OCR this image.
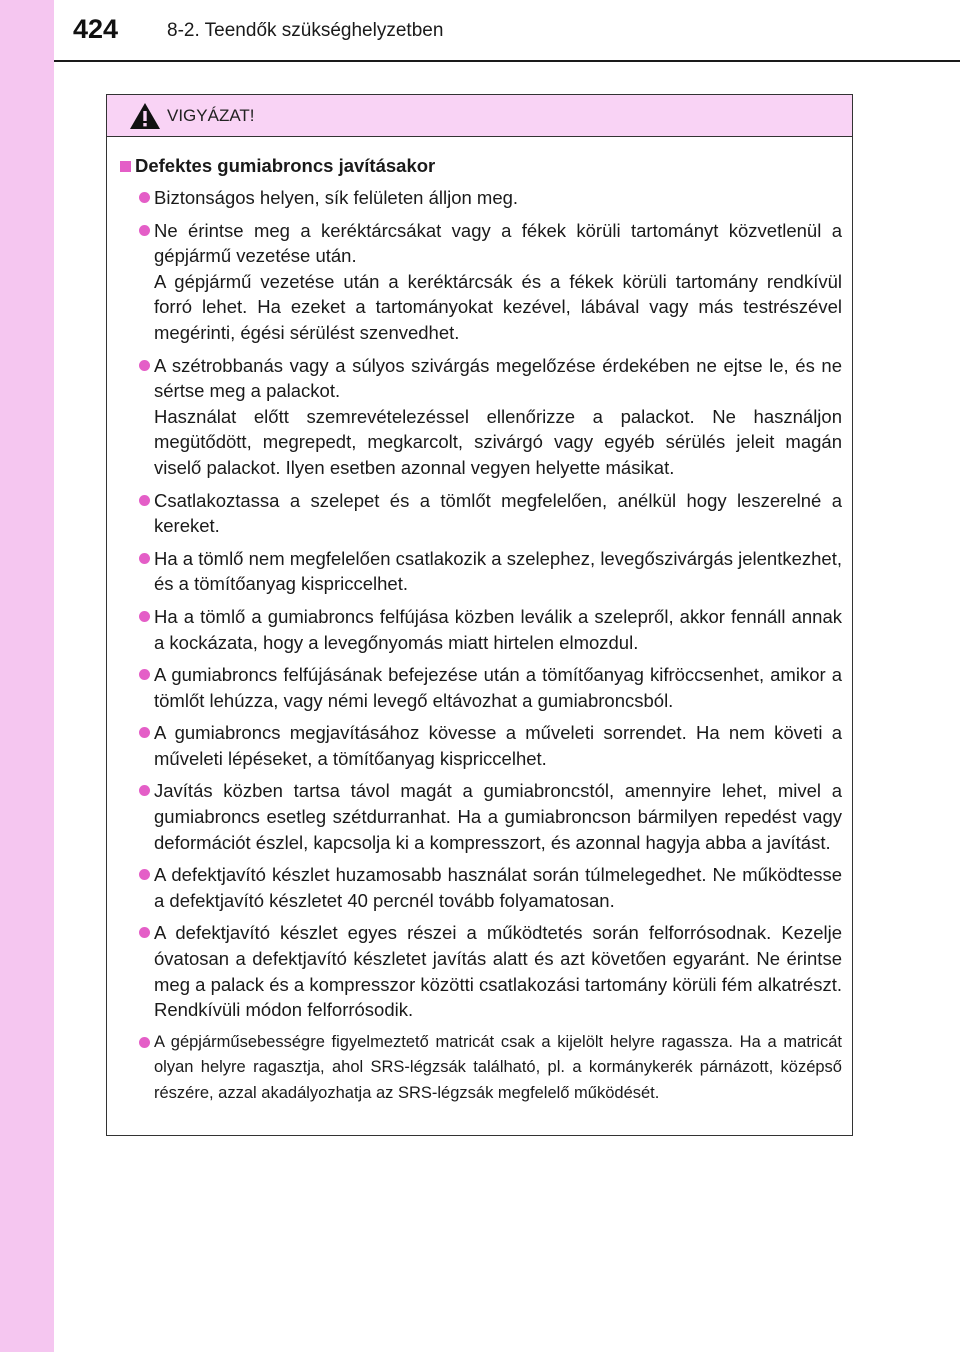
424	8-2. Teendők szükséghelyzetben
VIGYÁZAT!
Defektes gumiabroncs javításakor
Biztonságos helyen, sík felületen álljon meg.
Ne érintse meg a keréktárcsákat vagy a fékek körüli tartományt közvetlenül a gépjármű vezetése után.
A gépjármű vezetése után a keréktárcsák és a fékek körüli tartomány rendkívül forró lehet. Ha ezeket a tartományokat kezével, lábával vagy más testrészével megérinti, égési sérülést szenvedhet.
A szétrobbanás vagy a súlyos szivárgás megelőzése érdekében ne ejtse le, és ne sértse meg a palackot.
Használat előtt szemrevételezéssel ellenőrizze a palackot. Ne használjon megütődött, megrepedt, megkarcolt, szivárgó vagy egyéb sérülés jeleit magán viselő palackot. Ilyen esetben azonnal vegyen helyette másikat.
Csatlakoztassa a szelepet és a tömlőt megfelelően, anélkül hogy leszerelné a kereket.
Ha a tömlő nem megfelelően csatlakozik a szelephez, levegőszivárgás jelentkezhet, és a tömítőanyag kispriccelhet.
Ha a tömlő a gumiabroncs felfújása közben leválik a szelepről, akkor fennáll annak a kockázata, hogy a levegőnyomás miatt hirtelen elmozdul.
A gumiabroncs felfújásának befejezése után a tömítőanyag kifröccsenhet, amikor a tömlőt lehúzza, vagy némi levegő eltávozhat a gumiabroncsból.
A gumiabroncs megjavításához kövesse a műveleti sorrendet. Ha nem követi a műveleti lépéseket, a tömítőanyag kispriccelhet.
Javítás közben tartsa távol magát a gumiabroncstól, amennyire lehet, mivel a gumiabroncs esetleg szétdurranhat. Ha a gumiabroncson bármilyen repedést vagy deformációt észlel, kapcsolja ki a kompresszort, és azonnal hagyja abba a javítást.
A defektjavító készlet huzamosabb használat során túlmelegedhet. Ne működtesse a defektjavító készletet 40 percnél tovább folyamatosan.
A defektjavító készlet egyes részei a működtetés során felforrósodnak. Kezelje óvatosan a defektjavító készletet javítás alatt és azt követően egyaránt. Ne érintse meg a palack és a kompresszor közötti csatlakozási tartomány körüli fém alkatrészt. Rendkívüli módon felforrósodik.
A gépjárműsebességre figyelmeztető matricát csak a kijelölt helyre ragassza. Ha a matricát olyan helyre ragasztja, ahol SRS-légzsák található, pl. a kormánykerék párnázott, középső részére, azzal akadályozhatja az SRS-légzsák megfelelő működését.
